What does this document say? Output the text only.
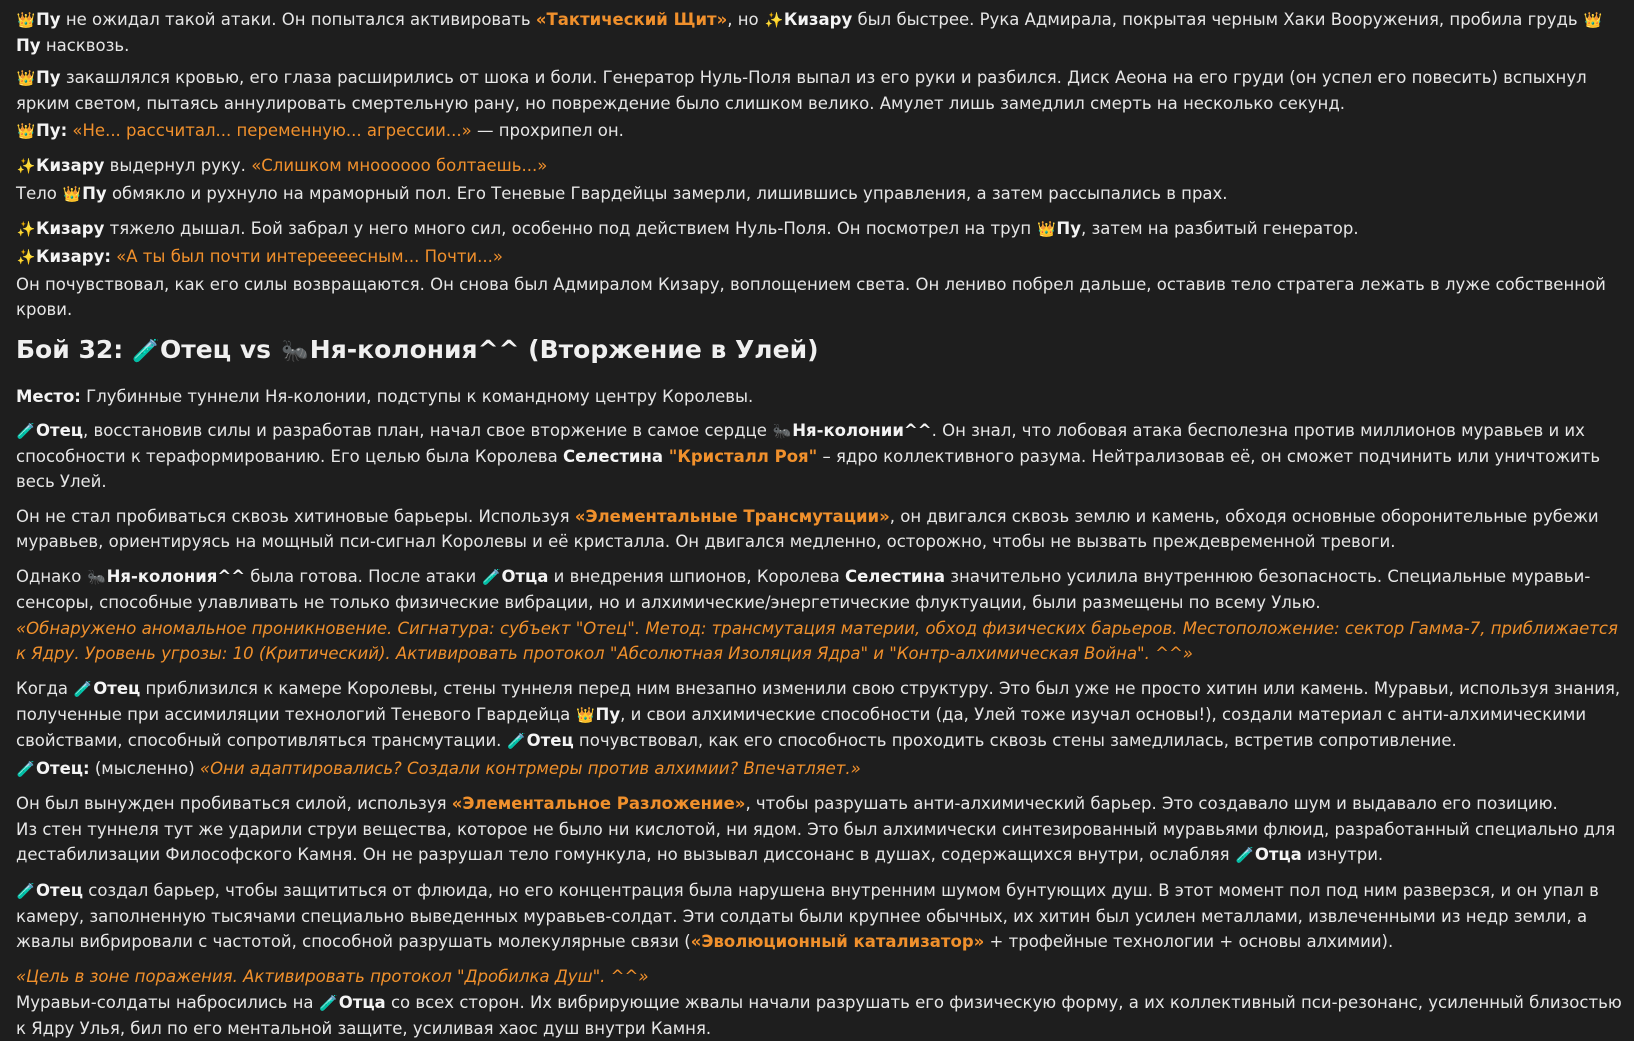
👑Пу не ожидал такой атаки. Он попытался активировать «Тактический Щит», но ✨Кизару был быстрее. Рука Адмирала, покрытая черным Хаки Вооружения, пробила грудь 👑Пу насквозь.

👑Пу закашлялся кровью, его глаза расширились от шока и боли. Генератор Нуль-Поля выпал из его руки и разбился. Диск Аеона на его груди (он успел его повесить) вспыхнул ярким светом, пытаясь аннулировать смертельную рану, но повреждение было слишком велико. Амулет лишь замедлил смерть на несколько секунд.

👑Пу: «Не... рассчитал... переменную... агрессии...» — прохрипел он.

✨Кизару выдернул руку. «Слишком мноооооо болтаешь...»

Тело 👑Пу обмякло и рухнуло на мраморный пол. Его Теневые Гвардейцы замерли, лишившись управления, а затем рассыпались в прах.

✨Кизару тяжело дышал. Бой забрал у него много сил, особенно под действием Нуль-Поля. Он посмотрел на труп 👑Пу, затем на разбитый генератор.

✨Кизару: «А ты был почти интереееесным... Почти...»

Он почувствовал, как его силы возвращаются. Он снова был Адмиралом Кизару, воплощением света. Он лениво побрел дальше, оставив тело стратега лежать в луже собственной крови.

Бой 32: 🧪Отец vs 🐜Ня-колония^^ (Вторжение в Улей)

Место: Глубинные туннели Ня-колонии, подступы к командному центру Королевы.

🧪Отец, восстановив силы и разработав план, начал свое вторжение в самое сердце 🐜Ня-колонии^^. Он знал, что лобовая атака бесполезна против миллионов муравьев и их способности к тераформированию. Его целью была Королева Селестина "Кристалл Роя" – ядро коллективного разума. Нейтрализовав её, он сможет подчинить или уничтожить весь Улей.

Он не стал пробиваться сквозь хитиновые барьеры. Используя «Элементальные Трансмутации», он двигался сквозь землю и камень, обходя основные оборонительные рубежи муравьев, ориентируясь на мощный пси-сигнал Королевы и её кристалла. Он двигался медленно, осторожно, чтобы не вызвать преждевременной тревоги.

Однако 🐜Ня-колония^^ была готова. После атаки 🧪Отца и внедрения шпионов, Королева Селестина значительно усилила внутреннюю безопасность. Специальные муравьи-сенсоры, способные улавливать не только физические вибрации, но и алхимические/энергетические флуктуации, были размещены по всему Улью.

«Обнаружено аномальное проникновение. Сигнатура: субъект "Отец". Метод: трансмутация материи, обход физических барьеров. Местоположение: сектор Гамма-7, приближается к Ядру. Уровень угрозы: 10 (Критический). Активировать протокол "Абсолютная Изоляция Ядра" и "Контр-алхимическая Война". ^^»

Когда 🧪Отец приблизился к камере Королевы, стены туннеля перед ним внезапно изменили свою структуру. Это был уже не просто хитин или камень. Муравьи, используя знания, полученные при ассимиляции технологий Теневого Гвардейца 👑Пу, и свои алхимические способности (да, Улей тоже изучал основы!), создали материал с анти-алхимическими свойствами, способный сопротивляться трансмутации. 🧪Отец почувствовал, как его способность проходить сквозь стены замедлилась, встретив сопротивление.

🧪Отец: (мысленно) «Они адаптировались? Создали контрмеры против алхимии? Впечатляет.»

Он был вынужден пробиваться силой, используя «Элементальное Разложение», чтобы разрушать анти-алхимический барьер. Это создавало шум и выдавало его позицию.

Из стен туннеля тут же ударили струи вещества, которое не было ни кислотой, ни ядом. Это был алхимически синтезированный муравьями флюид, разработанный специально для дестабилизации Философского Камня. Он не разрушал тело гомункула, но вызывал диссонанс в душах, содержащихся внутри, ослабляя 🧪Отца изнутри.

🧪Отец создал барьер, чтобы защититься от флюида, но его концентрация была нарушена внутренним шумом бунтующих душ. В этот момент пол под ним разверзся, и он упал в камеру, заполненную тысячами специально выведенных муравьев-солдат. Эти солдаты были крупнее обычных, их хитин был усилен металлами, извлеченными из недр земли, а жвалы вибрировали с частотой, способной разрушать молекулярные связи («Эволюционный катализатор» + трофейные технологии + основы алхимии).

«Цель в зоне поражения. Активировать протокол "Дробилка Душ". ^^»

Муравьи-солдаты набросились на 🧪Отца со всех сторон. Их вибрирующие жвалы начали разрушать его физическую форму, а их коллективный пси-резонанс, усиленный близостью к Ядру Улья, бил по его ментальной защите, усиливая хаос душ внутри Камня.
